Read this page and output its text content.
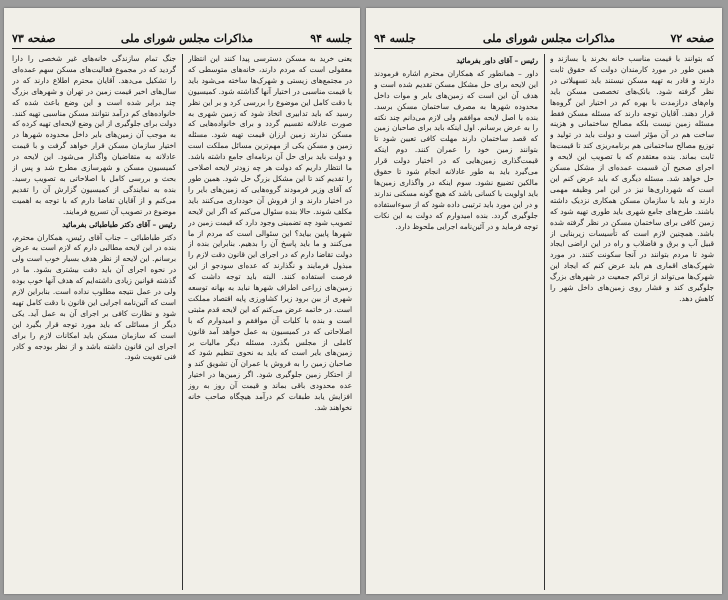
صفحه ۷۳	مذاکرات مجلس شورای ملی	جلسه ۹۴
یعنی خرید به مسکن دسترسی پیدا کنند این انتظار معقولی است که مردم دارند، خانه‌های متوسطی که در مجتمع‌های زیستی و شهرک‌ها ساخته می‌شود باید با قیمت مناسبی در اختیار آنها گذاشته شود. کمیسیون با دقت کامل این موضوع را بررسی کرد و بر این نظر رسید که باید تدابیری اتخاذ شود که زمین شهری به صورت عادلانه تقسیم گردد و برای خانواده‌هایی که مسکن ندارند زمین ارزان قیمت تهیه شود. مسئله زمین و مسکن یکی از مهم‌ترین مسائل مملکت است و دولت باید برای حل آن برنامه‌ای جامع داشته باشد. ما انتظار داریم که دولت هر چه زودتر لایحه اصلاحی را تقدیم کند تا این مشکل بزرگ حل شود. همین طور که آقای وزیر فرمودند گروه‌هایی که زمین‌های بایر را در اختیار دارند و از فروش آن خودداری می‌کنند باید مکلف شوند. حالا بنده سئوال می‌کنم که اگر این لایحه تصویب شود چه تضمینی وجود دارد که قیمت زمین در شهرها پایین بیاید؟ این سئوالی است که مردم از ما می‌کنند و ما باید پاسخ آن را بدهیم. بنابراین بنده از دولت تقاضا دارم که در اجرای این قانون دقت لازم را مبذول فرمایند و نگذارند که عده‌ای سودجو از این فرصت استفاده کنند. البته باید توجه داشت که زمین‌های زراعی اطراف شهرها نباید به بهانه توسعه شهری از بین برود زیرا کشاورزی پایه اقتصاد مملکت است. در خاتمه عرض می‌کنم که این لایحه قدم مثبتی است و بنده با کلیات آن موافقم و امیدوارم که با اصلاحاتی که در کمیسیون به عمل خواهد آمد قانون کاملی از مجلس بگذرد. مسئله دیگر مالیات بر زمین‌های بایر است که باید به نحوی تنظیم شود که صاحبان زمین را به فروش یا عمران آن تشویق کند و از احتکار زمین جلوگیری شود. اگر زمین‌ها در اختیار عده محدودی باقی بماند و قیمت آن روز به روز افزایش یابد طبقات کم درآمد هیچگاه صاحب خانه نخواهند شد.
جنگ تمام سازندگی خانه‌های غیر شخصی را دارا گردید که در مجموع فعالیت‌های مسکن سهم عمده‌ای را تشکیل می‌دهد. آقایان محترم اطلاع دارند که در سال‌های اخیر قیمت زمین در تهران و شهرهای بزرگ چند برابر شده است و این وضع باعث شده که خانواده‌های کم درآمد نتوانند مسکن مناسبی تهیه کنند. دولت برای جلوگیری از این وضع لایحه‌ای تهیه کرده که به موجب آن زمین‌های بایر داخل محدوده شهرها در اختیار سازمان مسکن قرار خواهد گرفت و با قیمت عادلانه به متقاضیان واگذار می‌شود. این لایحه در کمیسیون مسکن و شهرسازی مطرح شد و پس از بحث و بررسی کامل با اصلاحاتی به تصویب رسید. بنده به نمایندگی از کمیسیون گزارش آن را تقدیم می‌کنم و از آقایان تقاضا دارم که با توجه به اهمیت موضوع در تصویب آن تسریع فرمایند.
رئیس – آقای دکتر طباطبائی بفرمائید
دکتر طباطبائی – جناب آقای رئیس، همکاران محترم، بنده در این لایحه مطالبی دارم که لازم است به عرض برسانم. این لایحه از نظر هدف بسیار خوب است ولی در نحوه اجرای آن باید دقت بیشتری بشود. ما در گذشته قوانین زیادی داشته‌ایم که هدف آنها خوب بوده ولی در عمل نتیجه مطلوب نداده است. بنابراین لازم است که آئین‌نامه اجرایی این قانون با دقت کامل تهیه شود و نظارت کافی بر اجرای آن به عمل آید. یکی دیگر از مسائلی که باید مورد توجه قرار بگیرد این است که سازمان مسکن باید امکانات لازم را برای اجرای این قانون داشته باشد و از نظر بودجه و کادر فنی تقویت شود.
جلسه ۹۴	مذاکرات مجلس شورای ملی	صفحه ۷۲
که بتوانند با قیمت مناسب خانه بخرند یا بسازند و همین طور در مورد کارمندان دولت که حقوق ثابت دارند و قادر به تهیه مسکن نیستند باید تسهیلاتی در نظر گرفته شود. بانک‌های تخصصی مسکن باید وام‌های درازمدت با بهره کم در اختیار این گروه‌ها قرار دهند. آقایان توجه دارند که مسئله مسکن فقط مسئله زمین نیست بلکه مصالح ساختمانی و هزینه ساخت هم در آن مؤثر است و دولت باید در تولید و توزیع مصالح ساختمانی هم برنامه‌ریزی کند تا قیمت‌ها ثابت بماند. بنده معتقدم که با تصویب این لایحه و اجرای صحیح آن قسمت عمده‌ای از مشکل مسکن حل خواهد شد. مسئله دیگری که باید عرض کنم این است که شهرداری‌ها نیز در این امر وظیفه مهمی دارند و باید با سازمان مسکن همکاری نزدیک داشته باشند. طرح‌های جامع شهری باید طوری تهیه شود که زمین کافی برای ساختمان مسکن در نظر گرفته شده باشد. همچنین لازم است که تأسیسات زیربنایی از قبیل آب و برق و فاضلاب و راه در این اراضی ایجاد شود تا مردم بتوانند در آنجا سکونت کنند. در مورد شهرک‌های اقماری هم باید عرض کنم که ایجاد این شهرک‌ها می‌تواند از تراکم جمعیت در شهرهای بزرگ جلوگیری کند و فشار روی زمین‌های داخل شهر را کاهش دهد.
رئیس – آقای داور بفرمائید
داور – همانطور که همکاران محترم اشاره فرمودند این لایحه برای حل مشکل مسکن تقدیم شده است و هدف آن این است که زمین‌های بایر و موات داخل محدوده شهرها به مصرف ساختمان مسکن برسد. بنده با اصل لایحه موافقم ولی لازم می‌دانم چند نکته را به عرض برسانم. اول اینکه باید برای صاحبان زمین که قصد ساختمان دارند مهلت کافی تعیین شود تا بتوانند زمین خود را عمران کنند. دوم اینکه قیمت‌گذاری زمین‌هایی که در اختیار دولت قرار می‌گیرد باید به طور عادلانه انجام شود تا حقوق مالکین تضییع نشود. سوم اینکه در واگذاری زمین‌ها باید اولویت با کسانی باشد که هیچ گونه مسکنی ندارند و در این مورد باید ترتیبی داده شود که از سوءاستفاده جلوگیری گردد. بنده امیدوارم که دولت به این نکات توجه فرماید و در آئین‌نامه اجرایی ملحوظ دارد.
